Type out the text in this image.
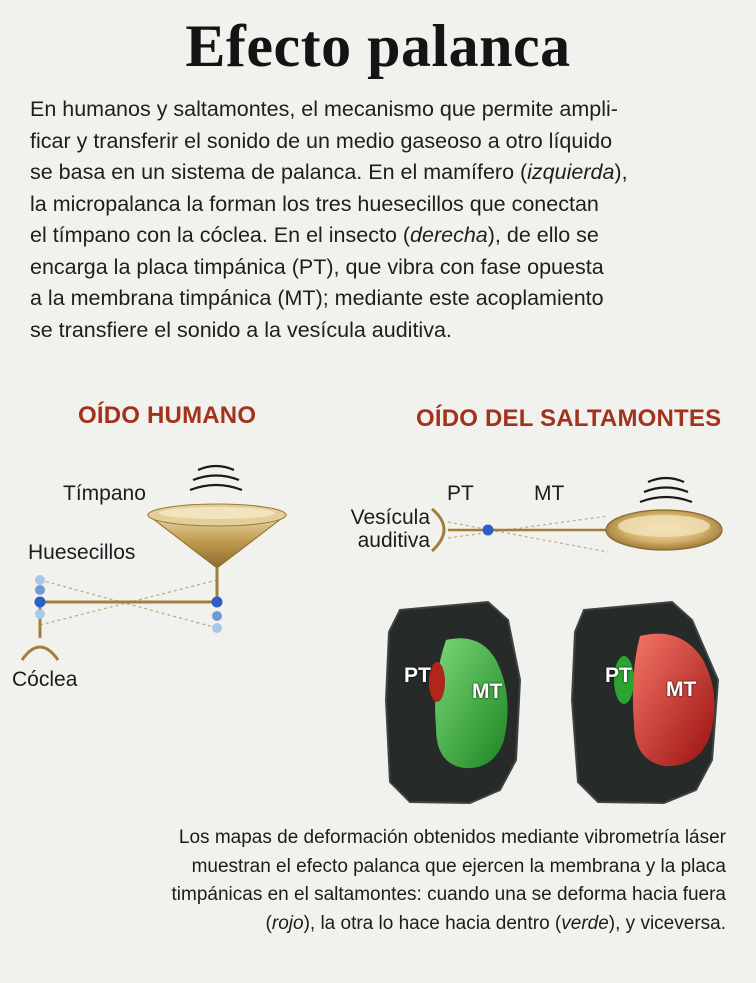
Efecto palanca

En humanos y saltamontes, el mecanismo que permite ampli-

ficar y transferir el sonido de un medio gaseoso a otro líquido

se basa en un sistema de palanca. En el mamífero (izquierda),

la micropalanca la forman los tres huesecillos que conectan

el tímpano con la cóclea. En el insecto (derecha), de ello se

encarga la placa timpánica (PT), que vibra con fase opuesta

a la membrana timpánica (MT); mediante este acoplamiento

se transfiere el sonido a la vesícula auditiva.

OÍDO HUMANO	OÍDO DEL SALTAMONTES
Tímpano
Huesecillos
Cóclea
PT	MT
Vesícula
auditiva
PT
MT
PT
MT

Los mapas de deformación obtenidos mediante vibrometría láser

muestran el efecto palanca que ejercen la membrana y la placa

timpánicas en el saltamontes: cuando una se deforma hacia fuera

(rojo), la otra lo hace hacia dentro (verde), y viceversa.
